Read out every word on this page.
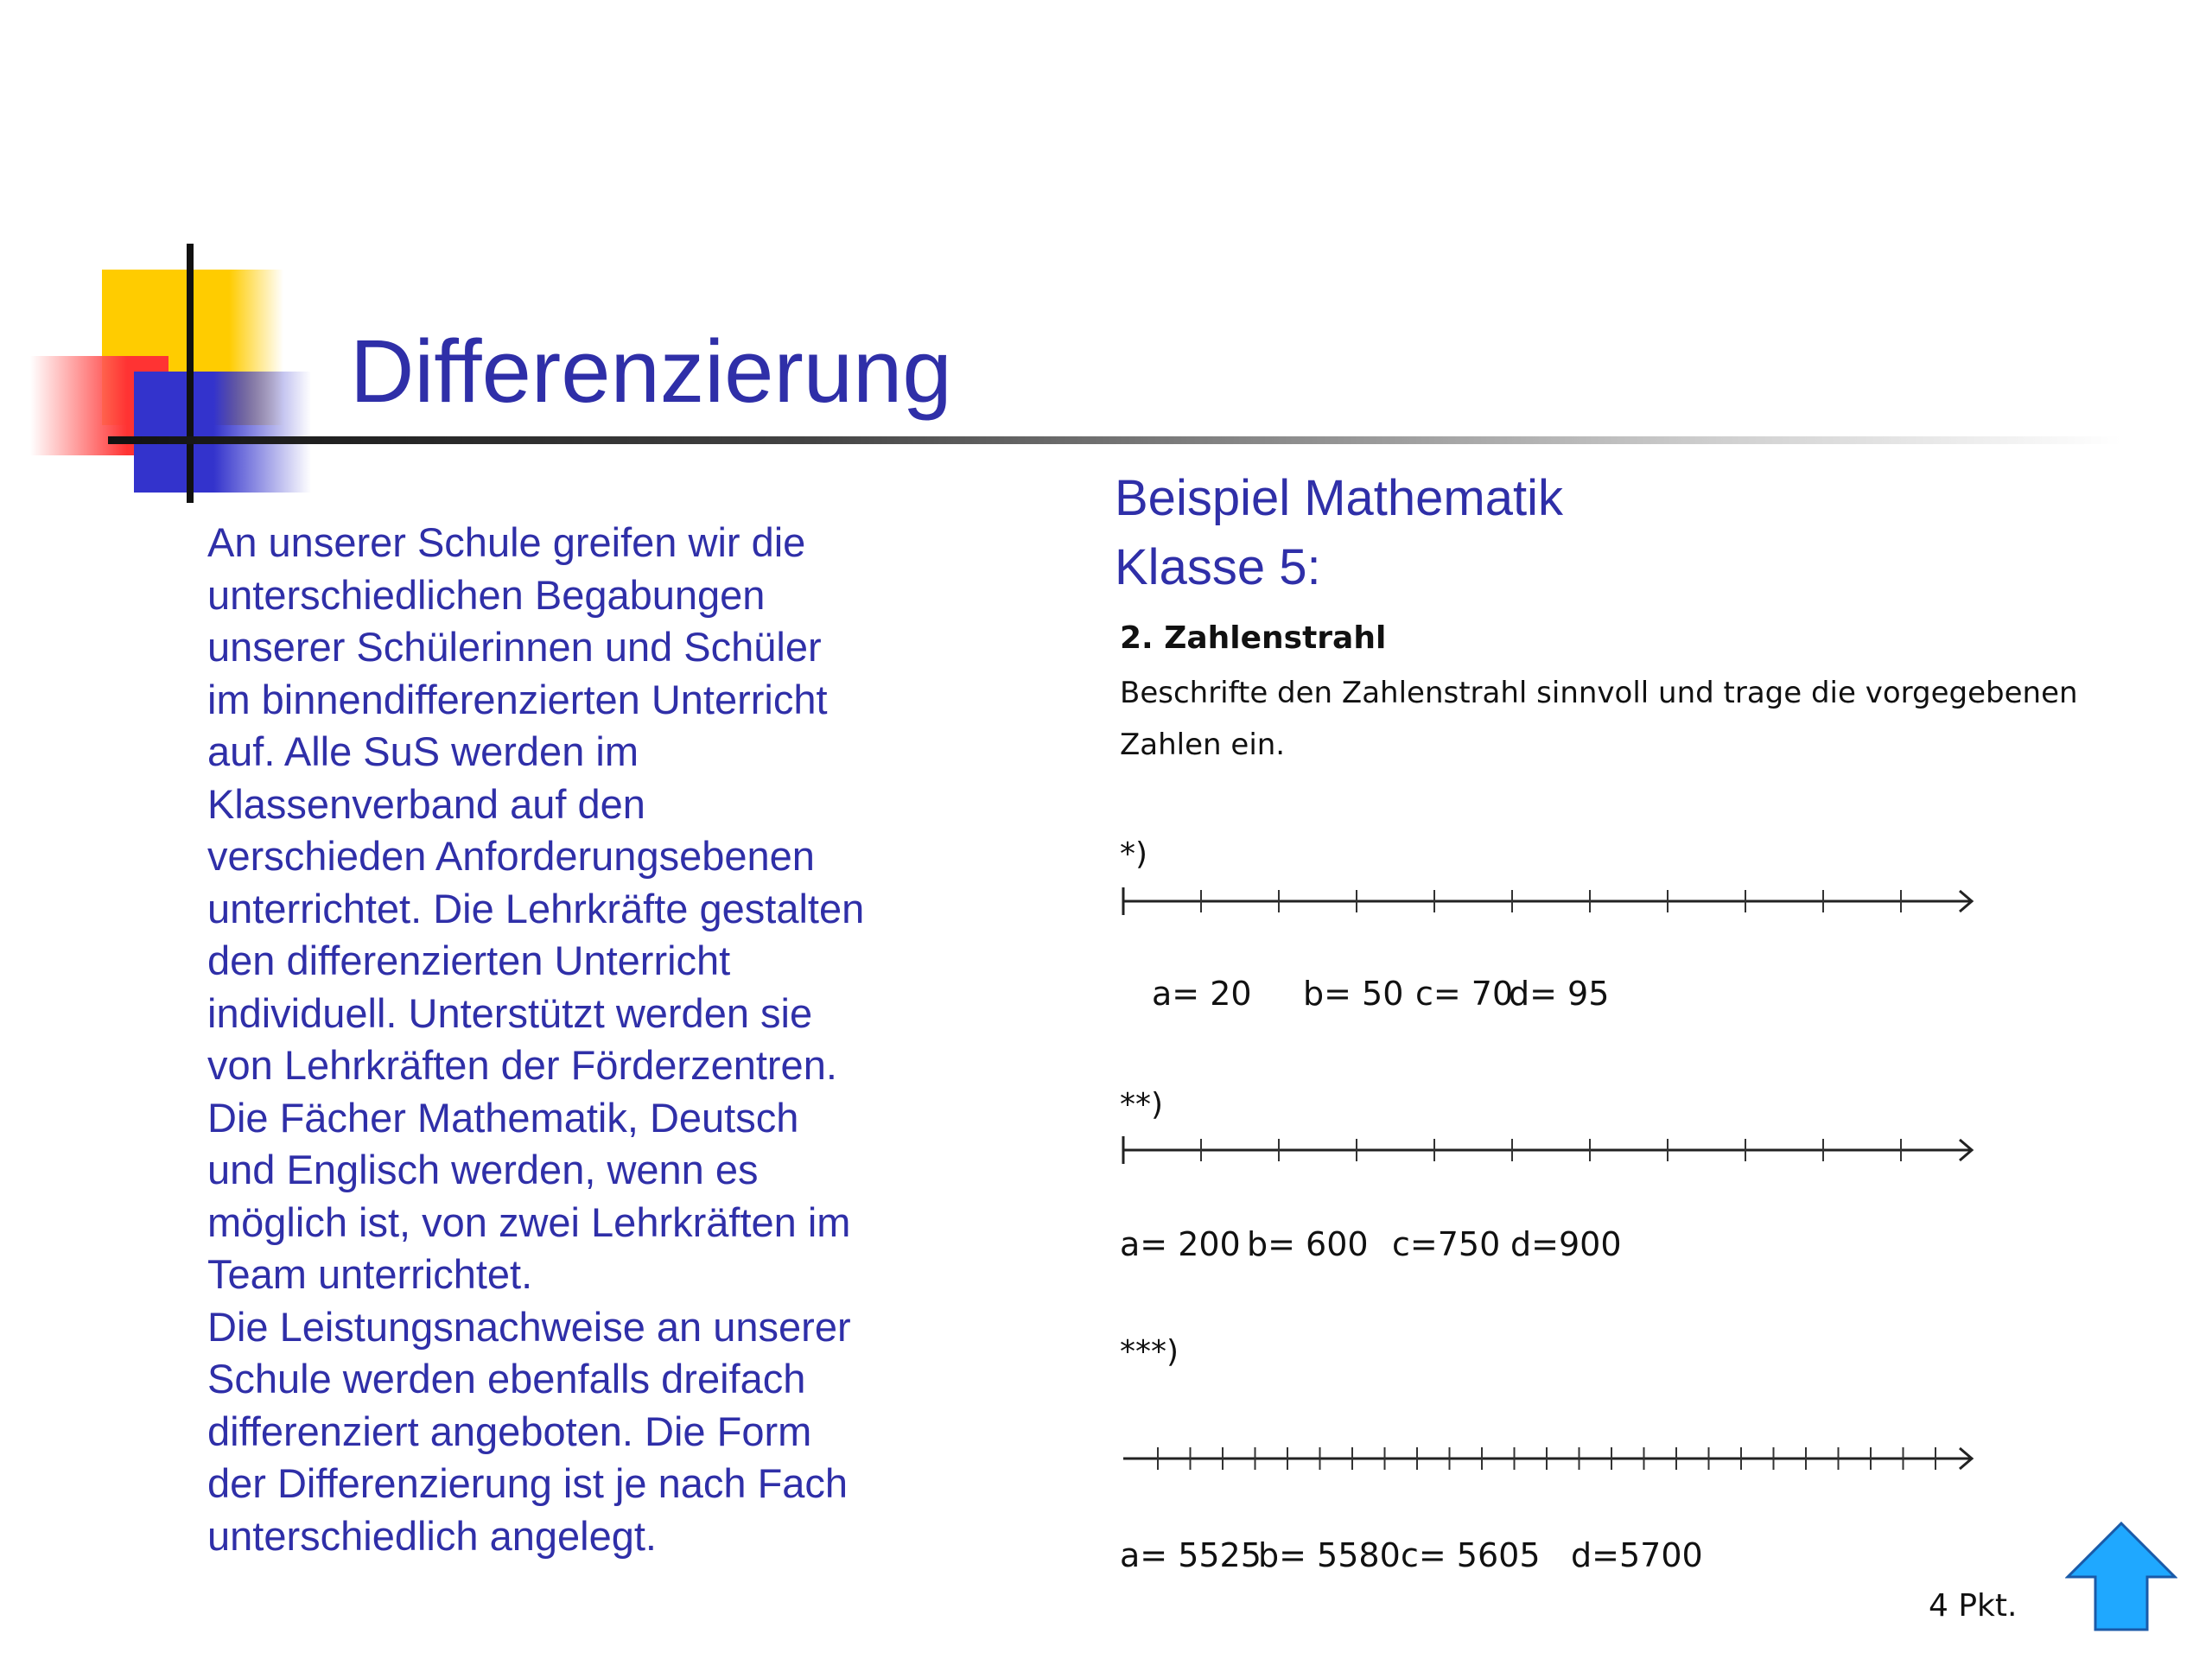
Differenzierung
An unserer Schule greifen wir die
unterschiedlichen Begabungen
unserer Schülerinnen und Schüler
im binnendifferenzierten Unterricht
auf. Alle SuS werden im
Klassenverband auf den
verschieden Anforderungsebenen
unterrichtet. Die Lehrkräfte gestalten
den differenzierten Unterricht
individuell. Unterstützt werden sie
von Lehrkräften der Förderzentren.
Die Fächer Mathematik, Deutsch
und Englisch werden, wenn es
möglich ist, von zwei Lehrkräften im
Team unterrichtet.
Die Leistungsnachweise an unserer
Schule werden ebenfalls dreifach
differenziert angeboten. Die Form
der Differenzierung ist je nach Fach
unterschiedlich angelegt.
Beispiel Mathematik
Klasse 5:
2. Zahlenstrahl
Beschrifte den Zahlenstrahl sinnvoll und trage die vorgegebenen
Zahlen ein.
*)
a= 20 b= 50 c= 70
d= 95
**)
a= 200 b= 600 c=750 d=900
***)
a= 5525
b= 5580 c= 5605 d=5700
4 Pkt.
